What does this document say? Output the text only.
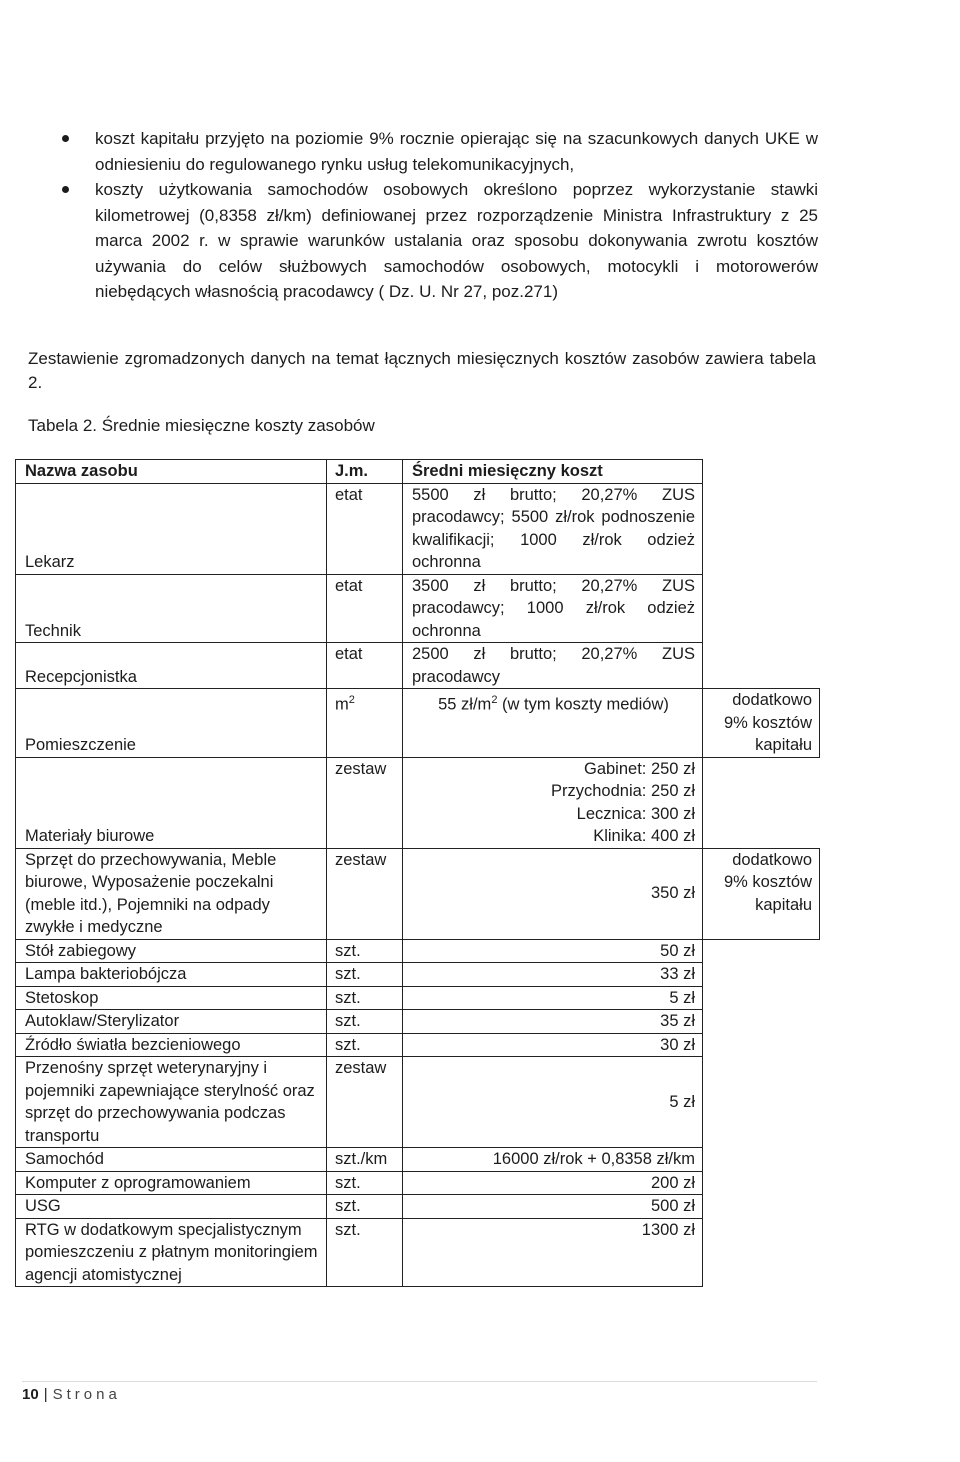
koszt kapitału przyjęto na poziomie 9% rocznie opierając się na szacunkowych danych UKE w odniesieniu do regulowanego rynku usług telekomunikacyjnych,
koszty użytkowania samochodów osobowych określono poprzez wykorzystanie stawki kilometrowej (0,8358 zł/km) definiowanej przez rozporządzenie Ministra Infrastruktury z 25 marca 2002 r. w sprawie warunków ustalania oraz sposobu dokonywania zwrotu kosztów używania do celów służbowych samochodów osobowych, motocykli i motorowerów niebędących własnością pracodawcy ( Dz. U. Nr 27, poz.271)

Zestawienie zgromadzonych danych na temat łącznych miesięcznych kosztów zasobów zawiera tabela 2.

Tabela 2. Średnie miesięczne koszty zasobów

Nazwa zasobu	J.m.	Średni miesięczny koszt	
Lekarz	etat	5500 zł brutto; 20,27% ZUS pracodawcy; 5500 zł/rok podnoszenie kwalifikacji; 1000 zł/rok odzież ochronna	
Technik	etat	3500 zł brutto; 20,27% ZUS pracodawcy; 1000 zł/rok odzież ochronna	
Recepcjonistka	etat	2500 zł brutto; 20,27% ZUS pracodawcy	
Pomieszczenie	$m^2$	55 $zł/m^2$ (w tym koszty mediów)	dodatkowo 9% kosztów kapitału
Materiały biurowe	zestaw	Gabinet: 250 zł
Przychodnia: 250 zł
Lecznica: 300 zł
Klinika: 400 zł	

Sprzęt do przechowywania, Meble biurowe, Wyposażenie poczekalni (meble itd.), Pojemniki na odpady zwykłe i medyczne	zestaw	350 zł	dodatkowo 9% kosztów kapitału
Stół zabiegowy	szt.	50 zł	
Lampa bakteriobójcza	szt.	33 zł	
Stetoskop	szt.	5 zł	
Autoklaw/Sterylizator	szt.	35 zł	
Źródło światła bezcieniowego	szt.	30 zł	
Przenośny sprzęt weterynaryjny i pojemniki zapewniające sterylność oraz sprzęt do przechowywania podczas transportu	zestaw	5 zł	
Samochód	szt./km	16000 zł/rok + 0,8358 zł/km	
Komputer z oprogramowaniem	szt.	200 zł	
USG	szt.	500 zł	
RTG w dodatkowym specjalistycznym pomieszczeniu z płatnym monitoringiem agencji atomistycznej	szt.	1300 zł	
10 | Strona
